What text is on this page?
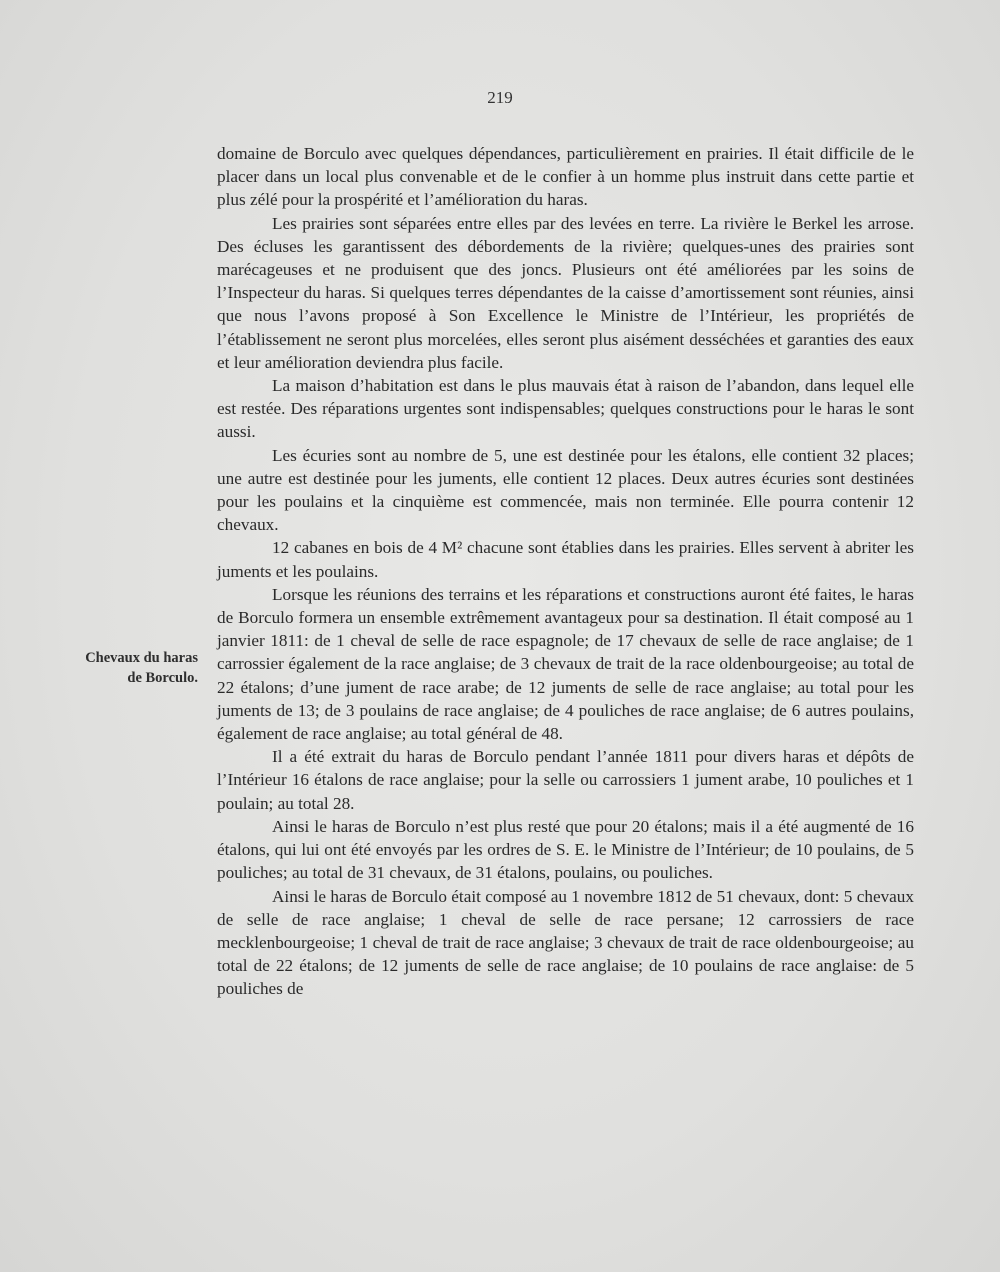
219
Chevaux du haras
de Borculo.

domaine de Borculo avec quelques dépendances, particulièrement en prairies. Il était difficile de le placer dans un local plus convenable et de le confier à un homme plus instruit dans cette partie et plus zélé pour la prospérité et l’amélioration du haras.

Les prairies sont séparées entre elles par des levées en terre. La rivière le Berkel les arrose. Des écluses les garantissent des débordements de la rivière; quelques-unes des prairies sont marécageuses et ne produisent que des joncs. Plusieurs ont été améliorées par les soins de l’Inspecteur du haras. Si quelques terres dépendantes de la caisse d’amortissement sont réunies, ainsi que nous l’avons proposé à Son Excellence le Ministre de l’Intérieur, les propriétés de l’établissement ne seront plus morcelées, elles seront plus aisément desséchées et garanties des eaux et leur amélioration deviendra plus facile.

La maison d’habitation est dans le plus mauvais état à raison de l’abandon, dans lequel elle est restée. Des réparations urgentes sont indispensables; quelques constructions pour le haras le sont aussi.

Les écuries sont au nombre de 5, une est destinée pour les étalons, elle contient 32 places; une autre est destinée pour les juments, elle contient 12 places. Deux autres écuries sont destinées pour les poulains et la cinquième est commencée, mais non terminée. Elle pourra contenir 12 chevaux.

12 cabanes en bois de 4 M² chacune sont établies dans les prairies. Elles servent à abriter les juments et les poulains.

Lorsque les réunions des terrains et les réparations et constructions auront été faites, le haras de Borculo formera un ensemble extrêmement avantageux pour sa destination. Il était composé au 1 janvier 1811: de 1 cheval de selle de race espagnole; de 17 chevaux de selle de race anglaise; de 1 carrossier également de la race anglaise; de 3 chevaux de trait de la race oldenbourgeoise; au total de 22 étalons; d’une jument de race arabe; de 12 juments de selle de race anglaise; au total pour les juments de 13; de 3 poulains de race anglaise; de 4 pouliches de race anglaise; de 6 autres poulains, également de race anglaise; au total général de 48.

Il a été extrait du haras de Borculo pendant l’année 1811 pour divers haras et dépôts de l’Intérieur 16 étalons de race anglaise; pour la selle ou carrossiers 1 jument arabe, 10 pouliches et 1 poulain; au total 28.

Ainsi le haras de Borculo n’est plus resté que pour 20 étalons; mais il a été augmenté de 16 étalons, qui lui ont été envoyés par les ordres de S. E. le Ministre de l’Intérieur; de 10 poulains, de 5 pouliches; au total de 31 chevaux, de 31 étalons, poulains, ou pouliches.

Ainsi le haras de Borculo était composé au 1 novembre 1812 de 51 chevaux, dont: 5 chevaux de selle de race anglaise; 1 cheval de selle de race persane; 12 carrossiers de race mecklenbourgeoise; 1 cheval de trait de race anglaise; 3 chevaux de trait de race oldenbourgeoise; au total de 22 étalons; de 12 juments de selle de race anglaise; de 10 poulains de race anglaise: de 5 pouliches de
